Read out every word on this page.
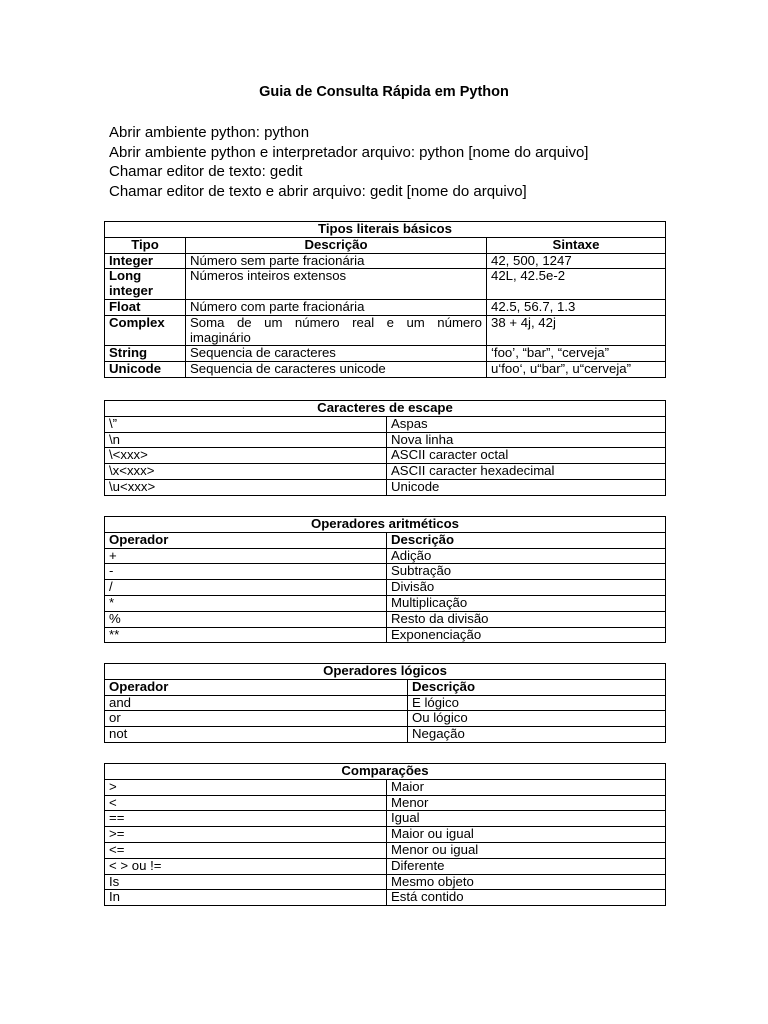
Guia de Consulta Rápida em Python
Abrir ambiente python: python
Abrir ambiente python e interpretador arquivo: python [nome do arquivo]
Chamar editor de texto: gedit
Chamar editor de texto e abrir arquivo: gedit [nome do arquivo]
Tipos literais básicos		
Tipo	Descrição	Sintaxe
Integer	Número sem parte fracionária	42, 500, 1247
Long integer	Números inteiros extensos	42L, 42.5e-2
Float	Número com parte fracionária	42.5, 56.7, 1.3
Complex	Soma de um número real e um número imaginário	38 + 4j, 42j
String	Sequencia de caracteres	‘foo’, “bar”, “cerveja”
Unicode	Sequencia de caracteres unicode	u‘foo‘, u“bar”, u“cerveja”
Caracteres de escape	
\”	Aspas
\n	Nova linha
\<xxx>	ASCII caracter octal
\x<xxx>	ASCII caracter hexadecimal
\u<xxx>	Unicode
Operadores aritméticos	
Operador	Descrição
+	Adição
-	Subtração
/	Divisão
*	Multiplicação
%	Resto da divisão
**	Exponenciação
Operadores lógicos	
Operador	Descrição
and	E lógico
or	Ou lógico
not	Negação
Comparações	
>	Maior
<	Menor
==	Igual
>=	Maior ou igual
<=	Menor ou igual
< > ou !=	Diferente
Is	Mesmo objeto
In	Está contido
